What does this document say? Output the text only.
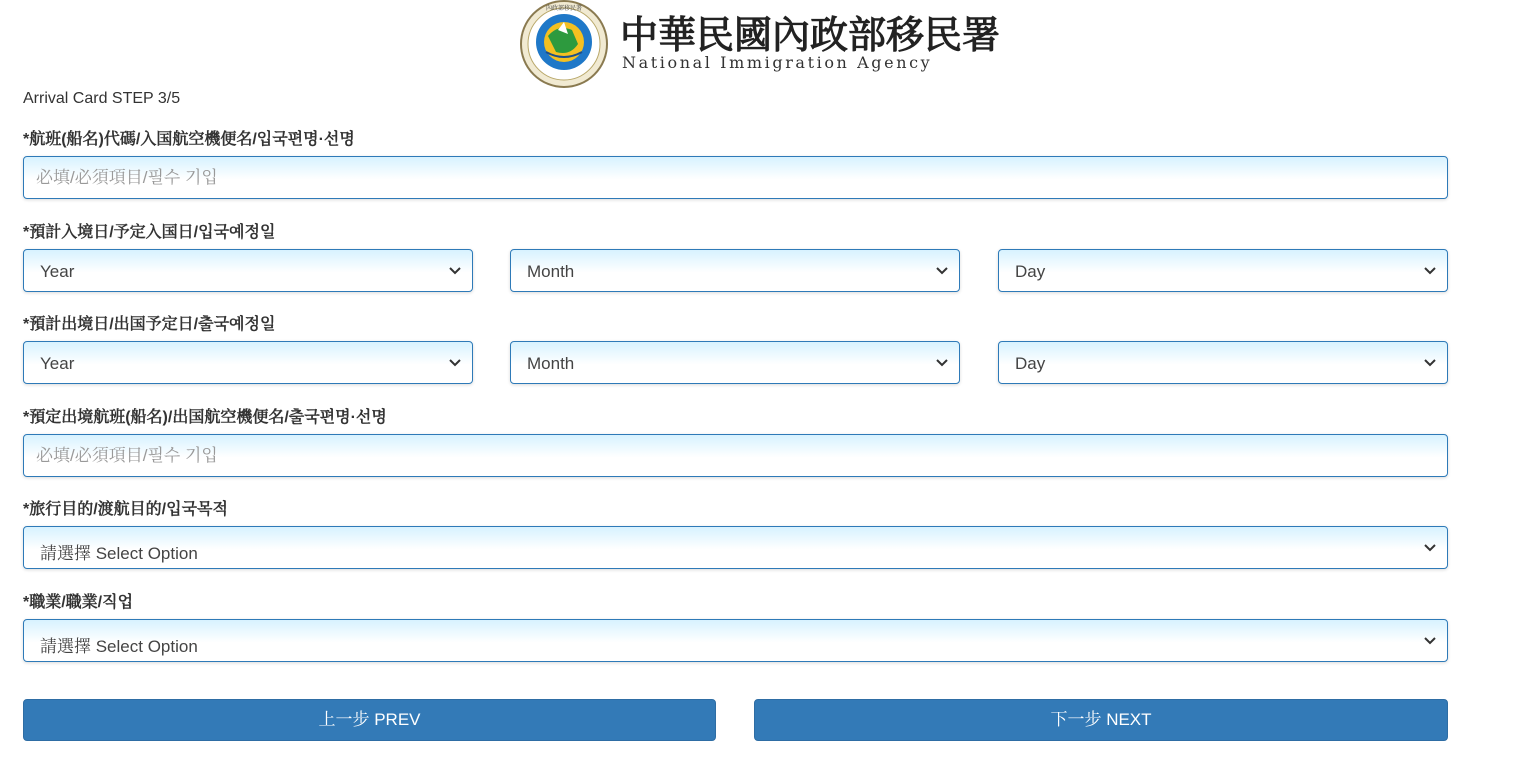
內政部移民署
中華民國內政部移民署
National Immigration Agency
Arrival Card STEP 3/5
*航班(船名)代碼/入国航空機便名/입국편명·선명
必填/必須項目/필수 기입
*預計入境日/予定入国日/입국예정일
Year	Month	Day
*預計出境日/出国予定日/출국예정일
Year	Month	Day
*預定出境航班(船名)/出国航空機便名/출국편명·선명
必填/必須項目/필수 기입
*旅行目的/渡航目的/입국목적
請選擇 Select Option
*職業/職業/직업
請選擇 Select Option
上一步 PREV	下一步 NEXT
